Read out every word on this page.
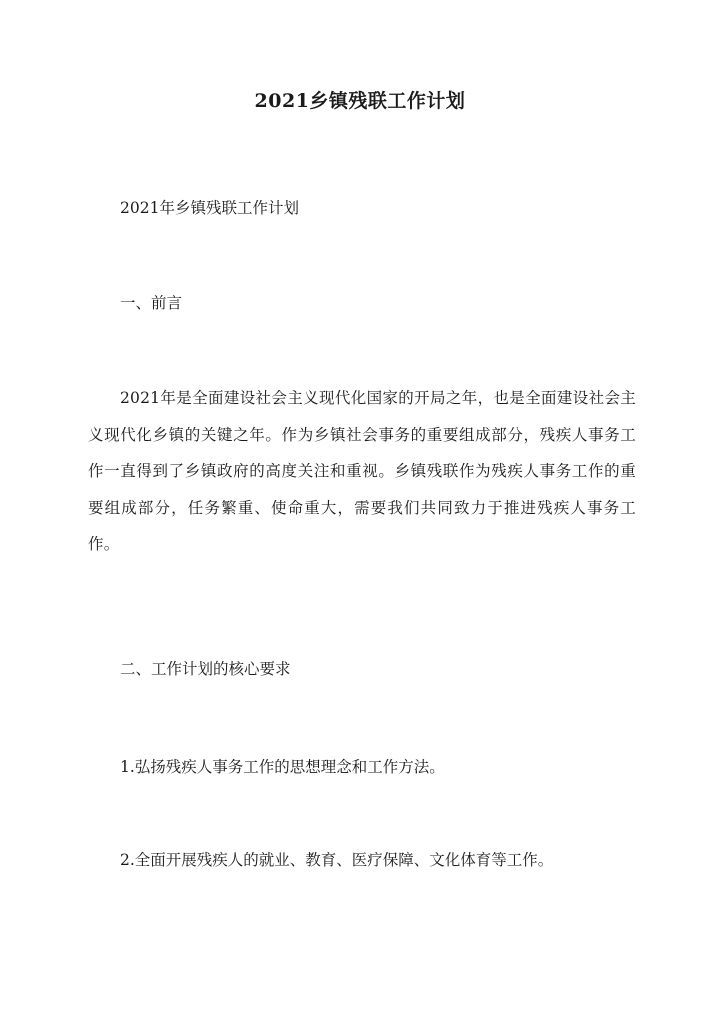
2021乡镇残联工作计划

2021年乡镇残联工作计划

一、前言

2021年是全面建设社会主义现代化国家的开局之年，也是全面建设社会主义现代化乡镇的关键之年。作为乡镇社会事务的重要组成部分，残疾人事务工作一直得到了乡镇政府的高度关注和重视。乡镇残联作为残疾人事务工作的重要组成部分，任务繁重、使命重大，需要我们共同致力于推进残疾人事务工作。

二、工作计划的核心要求

1.弘扬残疾人事务工作的思想理念和工作方法。

2.全面开展残疾人的就业、教育、医疗保障、文化体育等工作。
